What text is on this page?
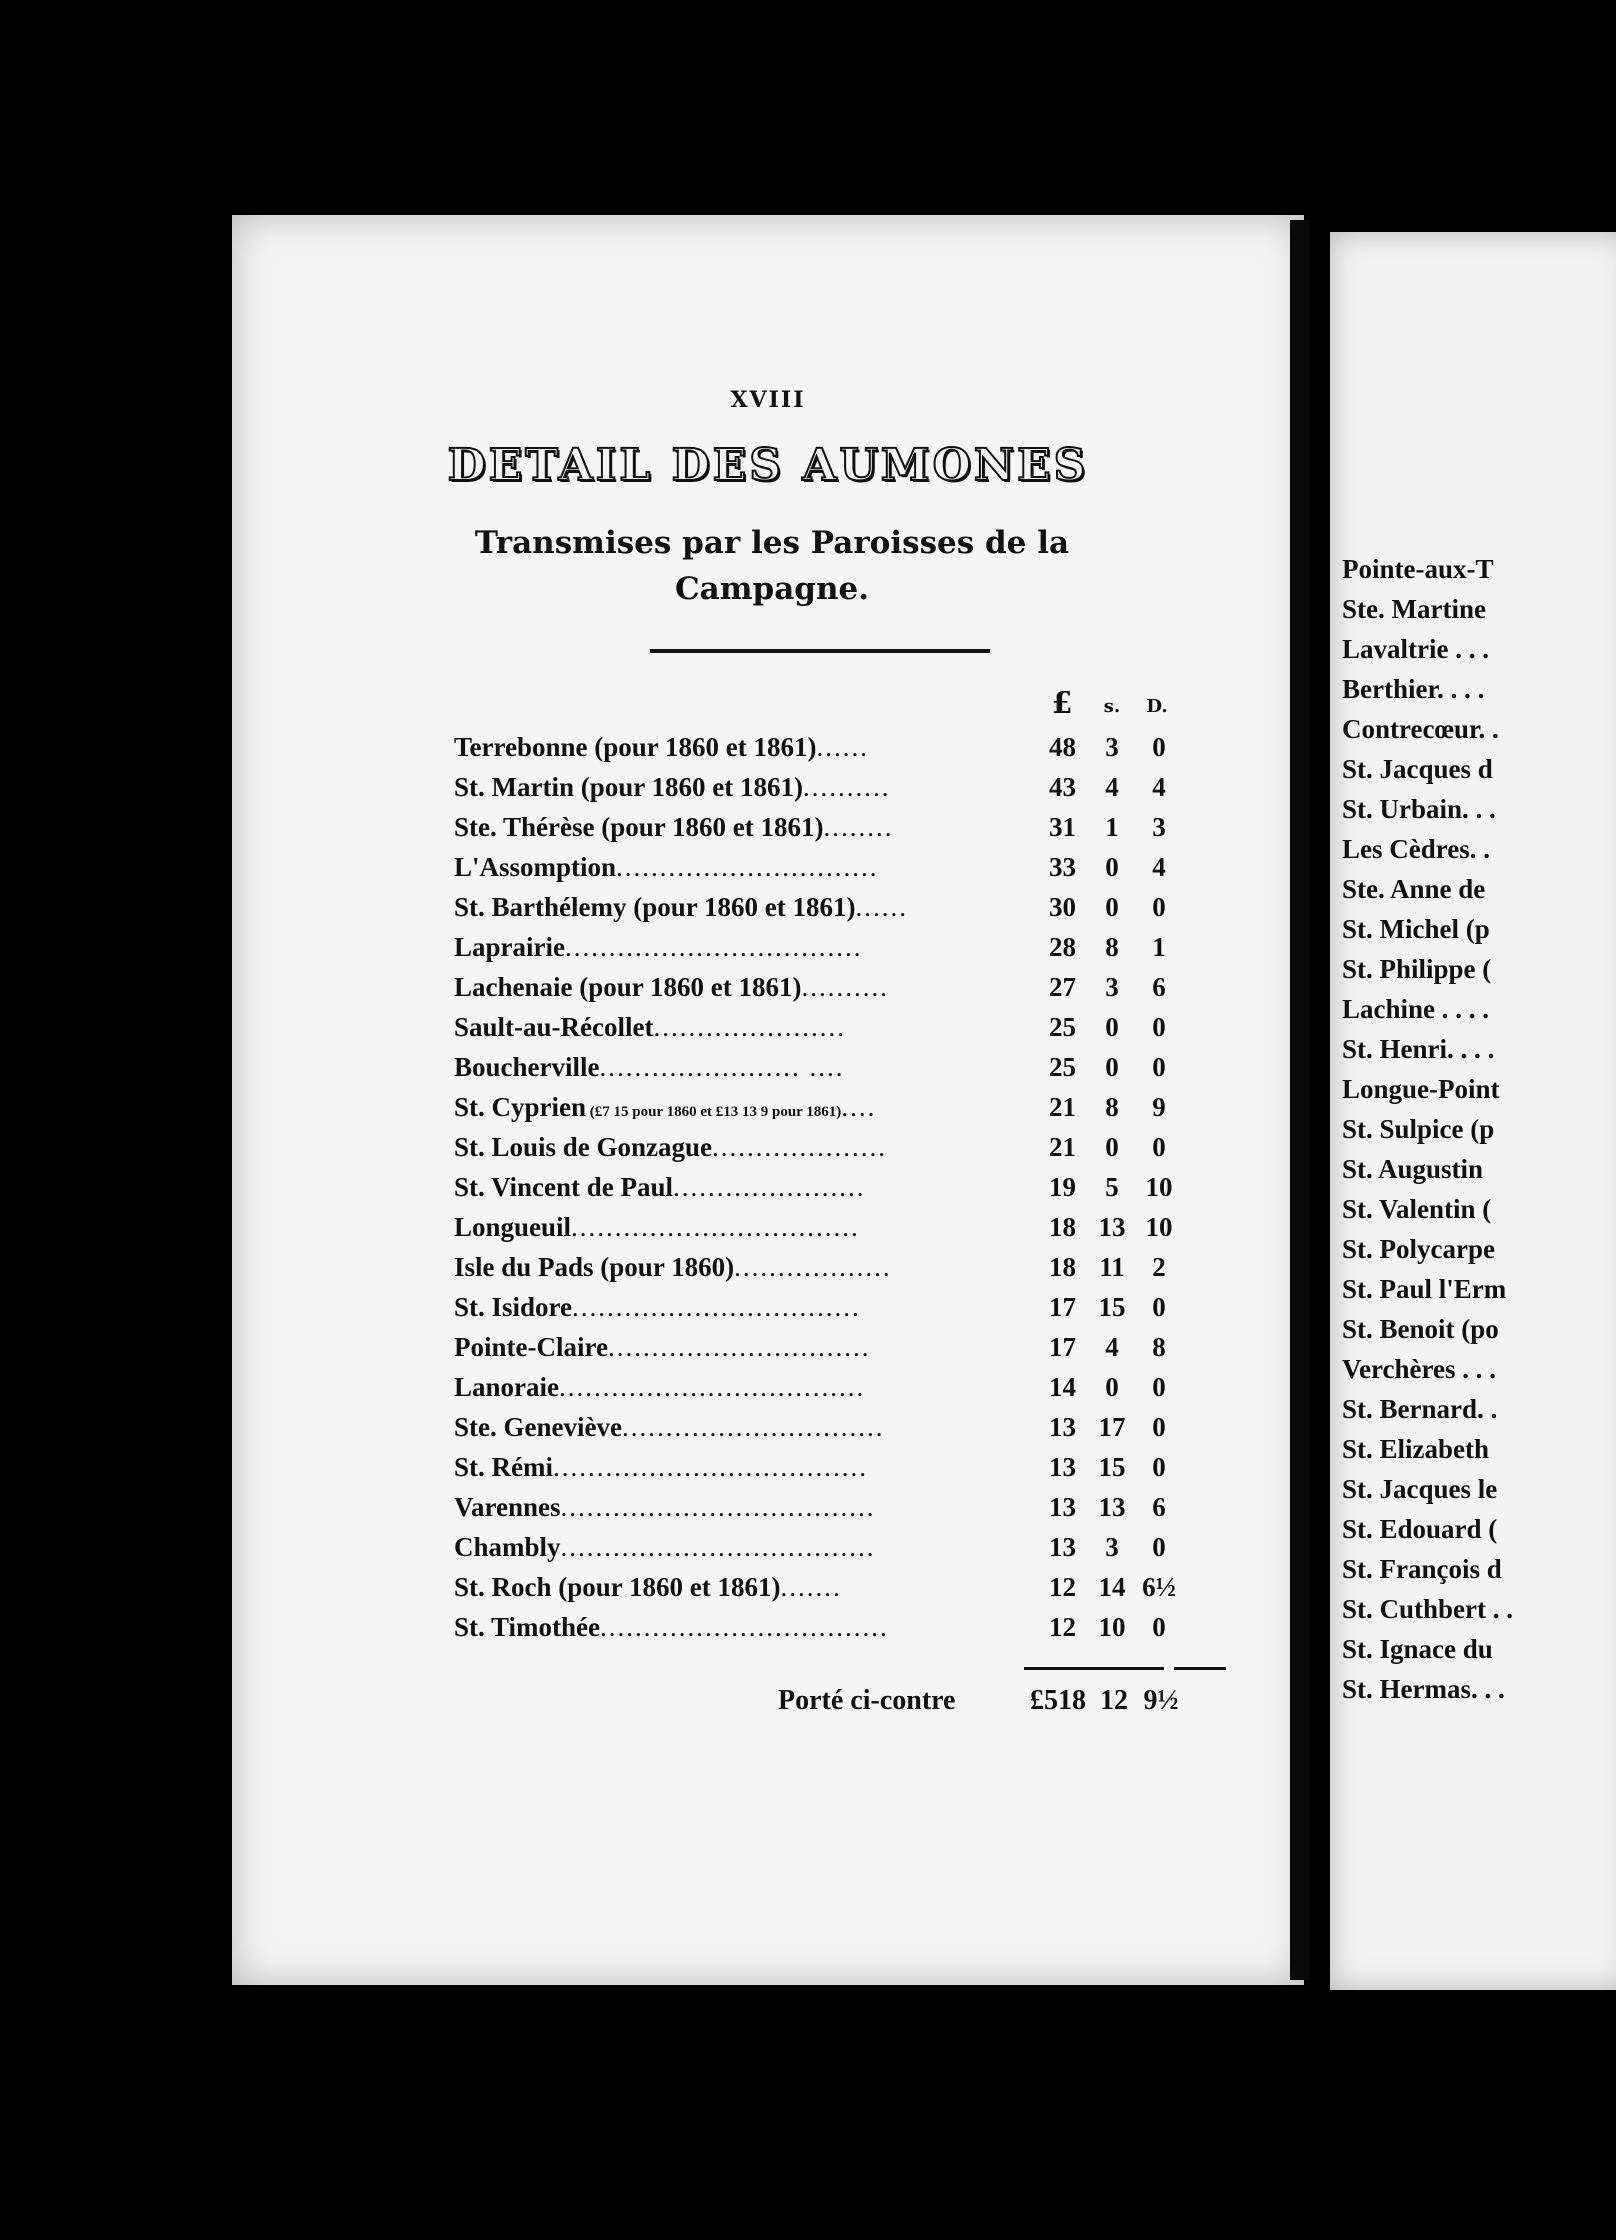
XVIII
DETAIL DES AUMONES
Transmises par les Paroisses de la Campagne.
£	s.	D.
Terrebonne (pour 1860 et 1861)......	48	3	0
St. Martin (pour 1860 et 1861)..........	43	4	4
Ste. Thérèse (pour 1860 et 1861)........	31	1	3
L'Assomption..............................	33	0	4
St. Barthélemy (pour 1860 et 1861)......	30	0	0
Laprairie..................................	28	8	1
Lachenaie (pour 1860 et 1861)..........	27	3	6
Sault-au-Récollet......................	25	0	0
Boucherville....................... ....	25	0	0
St. Cyprien (£7 15 pour 1860 et £13 13 9 pour 1861)....	21	8	9
St. Louis de Gonzague....................	21	0	0
St. Vincent de Paul......................	19	5 10
Longueuil.................................	18 13 10
Isle du Pads (pour 1860)..................	18 11	2
St. Isidore.................................	17 15 0
Pointe-Claire..............................	17	4	8
Lanoraie...................................	14	0	0
Ste. Geneviève..............................	13 17 0
St. Rémi....................................	13 15 0
Varennes....................................	13 13 6
Chambly....................................	13	3	0
St. Roch (pour 1860 et 1861).......	12 14 6½
St. Timothée.................................	12 10 0
Porté ci-contre	£518 12 9½
Pointe-aux-T
Ste. Martine
Lavaltrie . . .
Berthier. . . .
Contrecœur. .
St. Jacques d
St. Urbain. . .
Les Cèdres. .
Ste. Anne de
St. Michel (p
St. Philippe (
Lachine . . . .
St. Henri. . . .
Longue-Point
St. Sulpice (p
St. Augustin
St. Valentin (
St. Polycarpe
St. Paul l'Erm
St. Benoit (po
Verchères . . .
St. Bernard. .
St. Elizabeth
St. Jacques le
St. Edouard (
St. François d
St. Cuthbert . .
St. Ignace du
St. Hermas. . .
